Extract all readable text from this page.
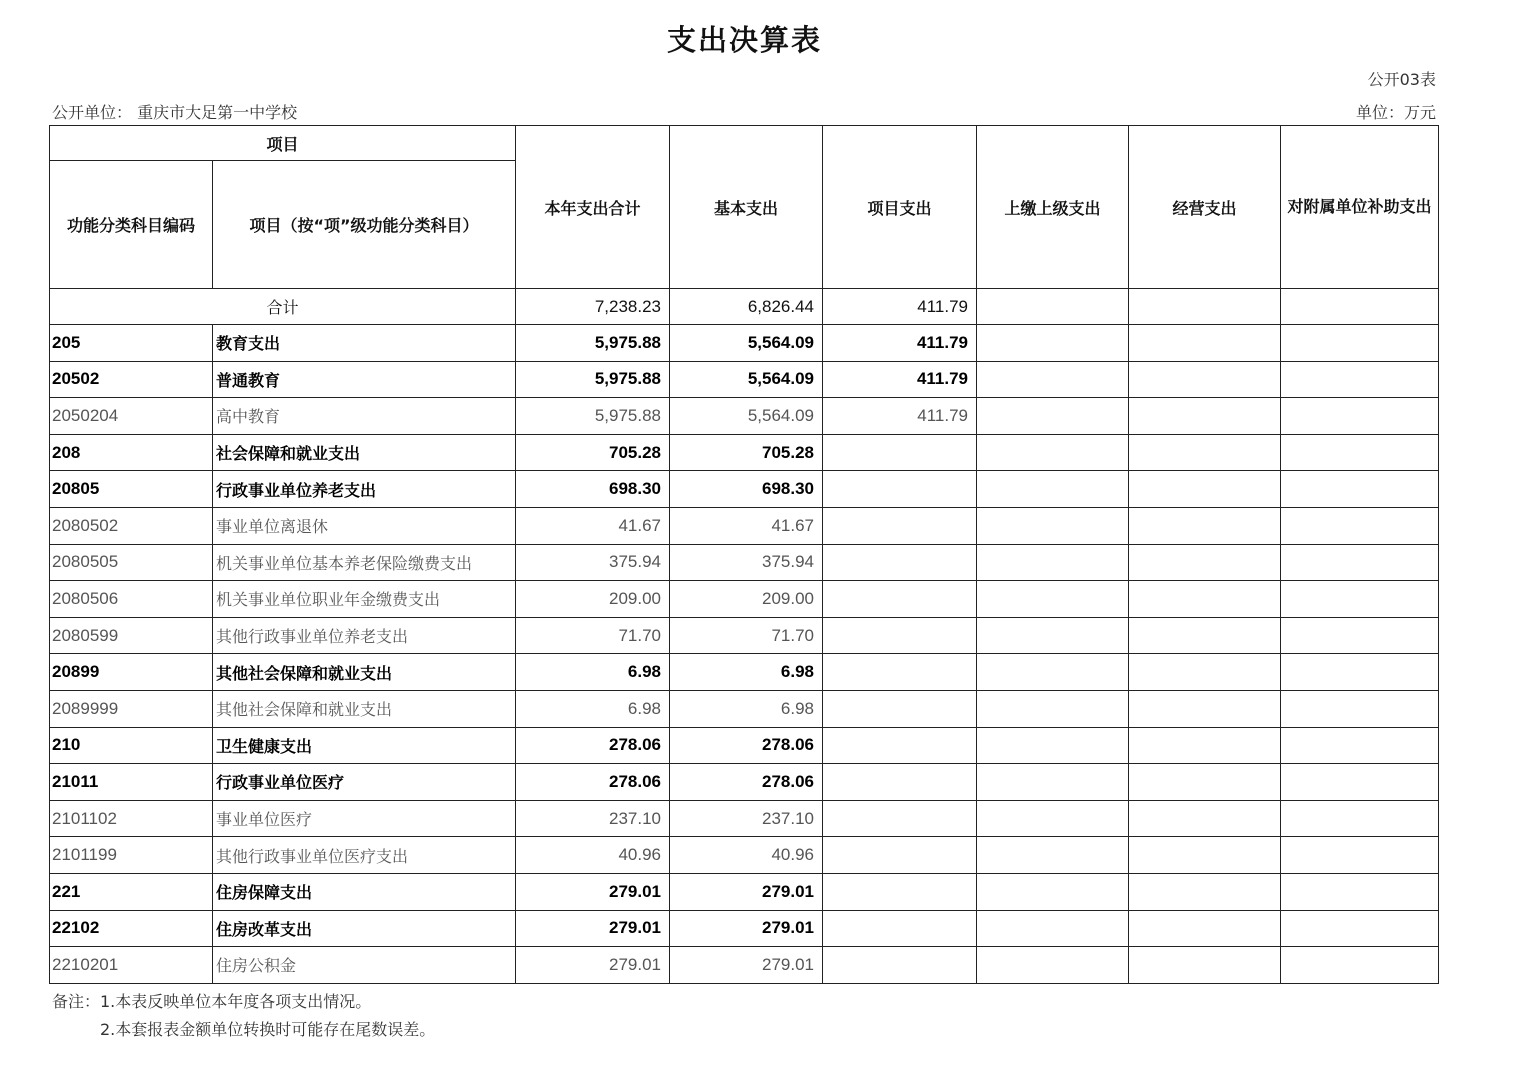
支出决算表
公开03表
公开单位： 重庆市大足第一中学校	单位：万元
项目		本年支出合计	基本支出	项目支出	上缴上级支出	经营支出	对附属单位补助支出
功能分类科目编码	项目（按“项”级功能分类科目）						
合计		7,238.23	6,826.44	411.79			
205	教育支出	5,975.88	5,564.09	411.79			
20502	普通教育	5,975.88	5,564.09	411.79			
2050204	高中教育	5,975.88	5,564.09	411.79			
208	社会保障和就业支出	705.28	705.28				
20805	行政事业单位养老支出	698.30	698.30				
2080502	事业单位离退休	41.67	41.67				
2080505	机关事业单位基本养老保险缴费支出	375.94	375.94				
2080506	机关事业单位职业年金缴费支出	209.00	209.00				
2080599	其他行政事业单位养老支出	71.70	71.70				
20899	其他社会保障和就业支出	6.98	6.98				
2089999	其他社会保障和就业支出	6.98	6.98				
210	卫生健康支出	278.06	278.06				
21011	行政事业单位医疗	278.06	278.06				
2101102	事业单位医疗	237.10	237.10				
2101199	其他行政事业单位医疗支出	40.96	40.96				
221	住房保障支出	279.01	279.01				
22102	住房改革支出	279.01	279.01				
2210201	住房公积金	279.01	279.01				
备注：1.本表反映单位本年度各项支出情况。
2.本套报表金额单位转换时可能存在尾数误差。
